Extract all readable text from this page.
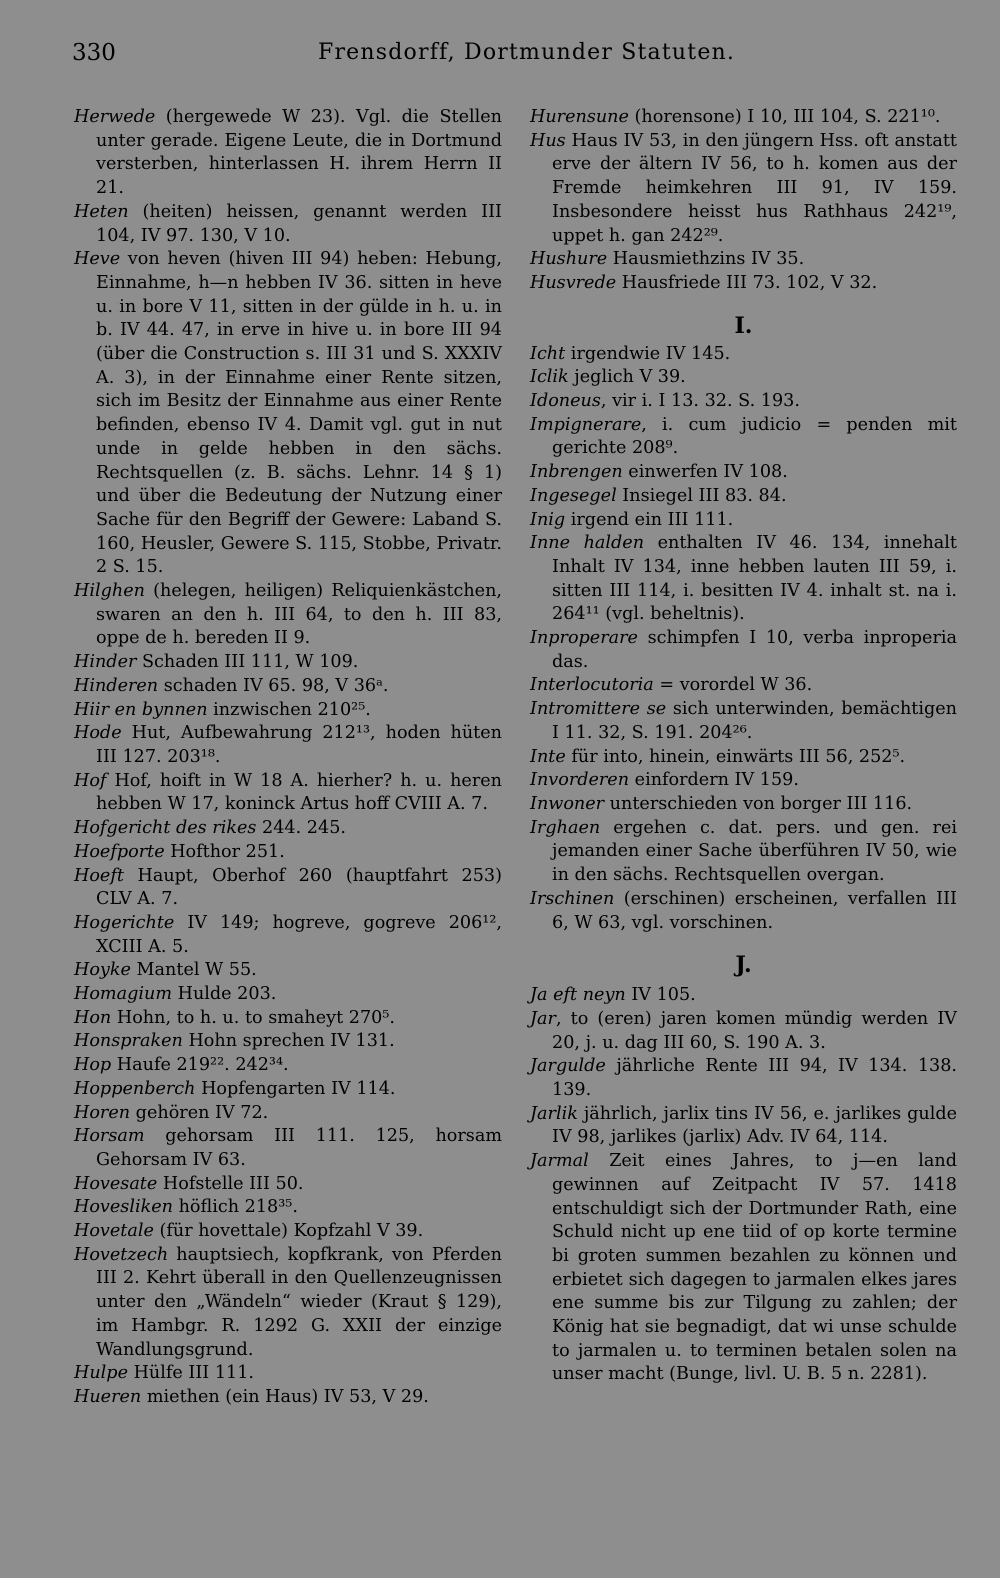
330	Frensdorff, Dortmunder Statuten.

Herwede (hergewede W 23). Vgl. die Stellen unter gerade. Eigene Leute, die in Dortmund versterben, hinterlassen H. ihrem Herrn II 21.

Heten (heiten) heissen, genannt werden III 104, IV 97. 130, V 10.

Heve von heven (hiven III 94) heben: Hebung, Einnahme, h—n hebben IV 36. sitten in heve u. in bore V 11, sitten in der gülde in h. u. in b. IV 44. 47, in erve in hive u. in bore III 94 (über die Construction s. III 31 und S. XXXIV A. 3), in der Einnahme einer Rente sitzen, sich im Besitz der Einnahme aus einer Rente befinden, ebenso IV 4. Damit vgl. gut in nut unde in gelde hebben in den sächs. Rechtsquellen (z. B. sächs. Lehnr. 14 § 1) und über die Bedeutung der Nutzung einer Sache für den Begriff der Gewere: Laband S. 160, Heusler, Gewere S. 115, Stobbe, Privatr. 2 S. 15.

Hilghen (helegen, heiligen) Reliquienkästchen, swaren an den h. III 64, to den h. III 83, oppe de h. bereden II 9.

Hinder Schaden III 111, W 109.

Hinderen schaden IV 65. 98, V 36ᵃ.

Hiir en bynnen inzwischen 210²⁵.

Hode Hut, Aufbewahrung 212¹³, hoden hüten III 127. 203¹⁸.

Hof Hof, hoift in W 18 A. hierher? h. u. heren hebben W 17, koninck Artus hoff CVIII A. 7.

Hofgericht des rikes 244. 245.

Hoefporte Hofthor 251.

Hoeft Haupt, Oberhof 260 (hauptfahrt 253) CLV A. 7.

Hogerichte IV 149; hogreve, gogreve 206¹², XCIII A. 5.

Hoyke Mantel W 55.

Homagium Hulde 203.

Hon Hohn, to h. u. to smaheyt 270⁵.

Honspraken Hohn sprechen IV 131.

Hop Haufe 219²². 242³⁴.

Hoppenberch Hopfengarten IV 114.

Horen gehören IV 72.

Horsam gehorsam III 111. 125, horsam Gehorsam IV 63.

Hovesate Hofstelle III 50.

Hovesliken höflich 218³⁵.

Hovetale (für hovettale) Kopfzahl V 39.

Hovetzech hauptsiech, kopfkrank, von Pferden III 2. Kehrt überall in den Quellenzeugnissen unter den „Wändeln“ wieder (Kraut § 129), im Hambgr. R. 1292 G. XXII der einzige Wandlungsgrund.

Hulpe Hülfe III 111.

Hueren miethen (ein Haus) IV 53, V 29.

Hurensune (horensone) I 10, III 104, S. 221¹⁰.

Hus Haus IV 53, in den jüngern Hss. oft anstatt erve der ältern IV 56, to h. komen aus der Fremde heimkehren III 91, IV 159. Insbesondere heisst hus Rathhaus 242¹⁹, uppet h. gan 242²⁹.

Hushure Hausmiethzins IV 35.

Husvrede Hausfriede III 73. 102, V 32.

I.

Icht irgendwie IV 145.

Iclik jeglich V 39.

Idoneus, vir i. I 13. 32. S. 193.

Impignerare, i. cum judicio = penden mit gerichte 208⁹.

Inbrengen einwerfen IV 108.

Ingesegel Insiegel III 83. 84.

Inig irgend ein III 111.

Inne halden enthalten IV 46. 134, innehalt Inhalt IV 134, inne hebben lauten III 59, i. sitten III 114, i. besitten IV 4. inhalt st. na i. 264¹¹ (vgl. beheltnis).

Inproperare schimpfen I 10, verba inproperia das.

Interlocutoria = vorordel W 36.

Intromittere se sich unterwinden, bemächtigen I 11. 32, S. 191. 204²⁶.

Inte für into, hinein, einwärts III 56, 252⁵.

Invorderen einfordern IV 159.

Inwoner unterschieden von borger III 116.

Irghaen ergehen c. dat. pers. und gen. rei jemanden einer Sache überführen IV 50, wie in den sächs. Rechtsquellen overgan.

Irschinen (erschinen) erscheinen, verfallen III 6, W 63, vgl. vorschinen.

J.

Ja eft neyn IV 105.

Jar, to (eren) jaren komen mündig werden IV 20, j. u. dag III 60, S. 190 A. 3.

Jargulde jährliche Rente III 94, IV 134. 138. 139.

Jarlik jährlich, jarlix tins IV 56, e. jarlikes gulde IV 98, jarlikes (jarlix) Adv. IV 64, 114.

Jarmal Zeit eines Jahres, to j—en land gewinnen auf Zeitpacht IV 57. 1418 entschuldigt sich der Dortmunder Rath, eine Schuld nicht up ene tiid of op korte termine bi groten summen bezahlen zu können und erbietet sich dagegen to jarmalen elkes jares ene summe bis zur Tilgung zu zahlen; der König hat sie begnadigt, dat wi unse schulde to jarmalen u. to terminen betalen solen na unser macht (Bunge, livl. U. B. 5 n. 2281).
